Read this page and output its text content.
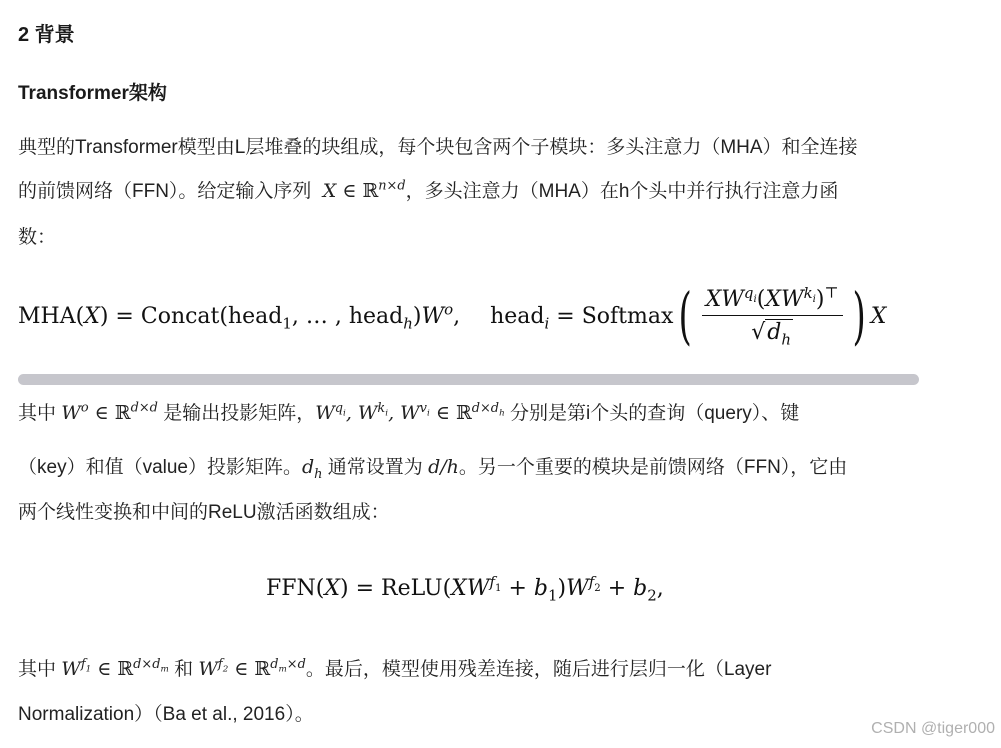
2 背景
Transformer架构
典型的Transformer模型由L层堆叠的块组成，每个块包含两个子模块：多头注意力（MHA）和全连接
的前馈网络（FFN）。给定输入序列  X ∈ ℝ$^{n\times d}$，多头注意力（MHA）在h个头中并行执行注意力函
数：
MHA(X) = Concat(head$_1$, … , $head_h)W^o$, head$_i$ = Softmax ( $\frac{XW^{q_i}(XW^{k_i})^⊤}{√d_h}$ ) X
其中 $W^o$ ∈ ℝ$^{d\times d}$ 是输出投影矩阵，$W^{q_i}$, $W^{k_i}$, $W^{v_i}$ ∈ ℝ$^{d\times d_h}$ 分别是第i个头的查询（query）、键
（key）和值（value）投影矩阵。$d_h$ 通常设置为 d/h。另一个重要的模块是前馈网络（FFN），它由
两个线性变换和中间的ReLU激活函数组成：
$FFN(X) = ReLU(XW^{f_1} + b_1)W^{f_2} + b_2$,
其中 $W^{f_1}$ ∈ ℝ$^{d\times d_m}$ 和 $W^{f_2}$ ∈ ℝ$^{d_m\times d}$。最后，模型使用残差连接，随后进行层归一化（Layer
Normalization）（Ba et al., 2016）。
CSDN @tiger000
